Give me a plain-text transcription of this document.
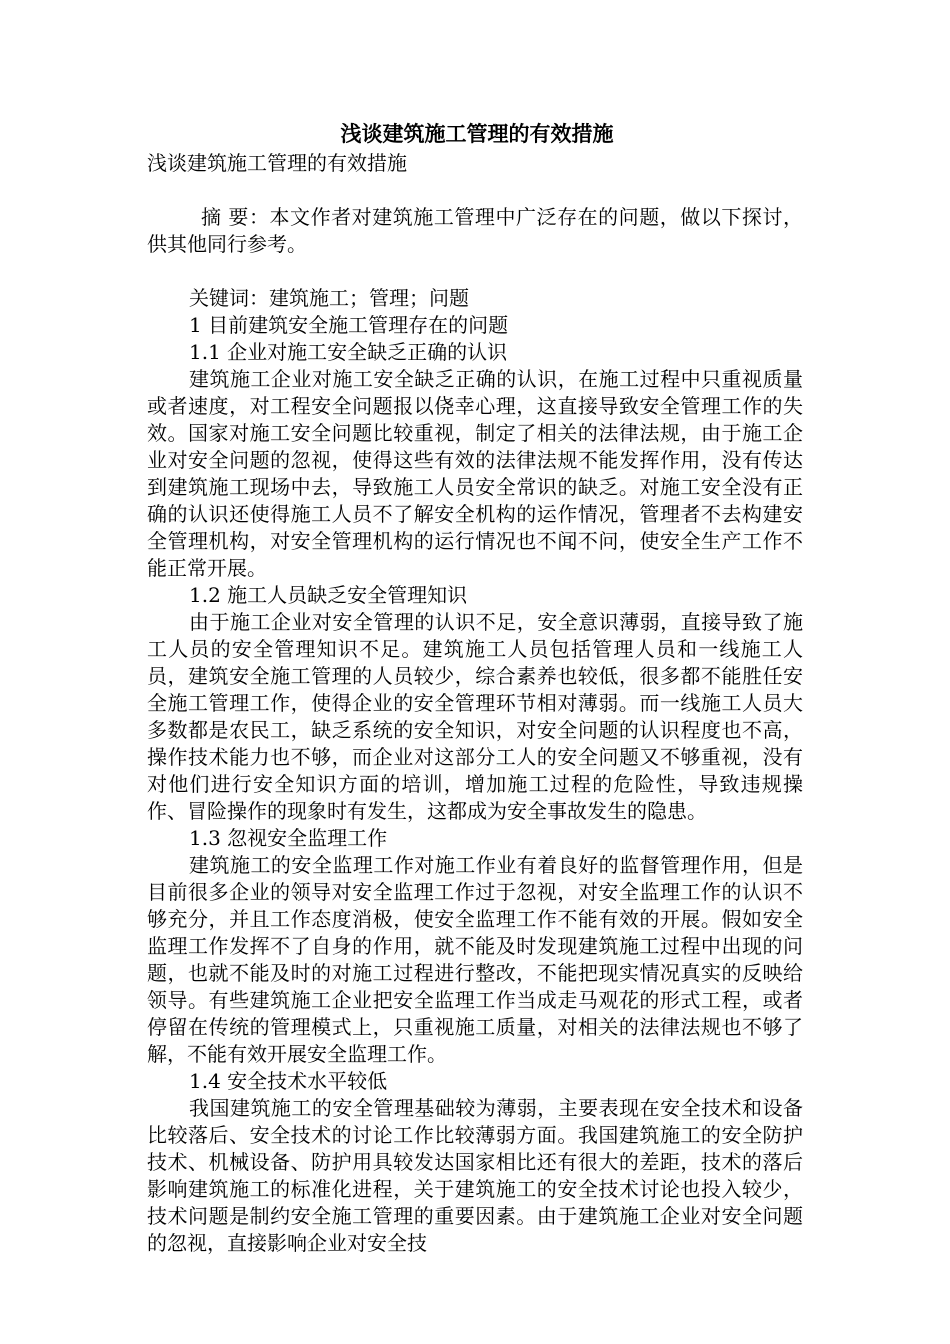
浅谈建筑施工管理的有效措施

浅谈建筑施工管理的有效措施

摘 要：本文作者对建筑施工管理中广泛存在的问题，做以下探讨，供其他同行参考。

关键词：建筑施工；管理；问题

1 目前建筑安全施工管理存在的问题

1.1 企业对施工安全缺乏正确的认识

建筑施工企业对施工安全缺乏正确的认识，在施工过程中只重视质量或者速度，对工程安全问题报以侥幸心理，这直接导致安全管理工作的失效。国家对施工安全问题比较重视，制定了相关的法律法规，由于施工企业对安全问题的忽视，使得这些有效的法律法规不能发挥作用，没有传达到建筑施工现场中去，导致施工人员安全常识的缺乏。对施工安全没有正确的认识还使得施工人员不了解安全机构的运作情况，管理者不去构建安全管理机构，对安全管理机构的运行情况也不闻不问，使安全生产工作不能正常开展。

1.2 施工人员缺乏安全管理知识

由于施工企业对安全管理的认识不足，安全意识薄弱，直接导致了施工人员的安全管理知识不足。建筑施工人员包括管理人员和一线施工人员，建筑安全施工管理的人员较少，综合素养也较低，很多都不能胜任安全施工管理工作，使得企业的安全管理环节相对薄弱。而一线施工人员大多数都是农民工，缺乏系统的安全知识，对安全问题的认识程度也不高，操作技术能力也不够，而企业对这部分工人的安全问题又不够重视，没有对他们进行安全知识方面的培训，增加施工过程的危险性，导致违规操作、冒险操作的现象时有发生，这都成为安全事故发生的隐患。

1.3 忽视安全监理工作

建筑施工的安全监理工作对施工作业有着良好的监督管理作用，但是目前很多企业的领导对安全监理工作过于忽视，对安全监理工作的认识不够充分，并且工作态度消极，使安全监理工作不能有效的开展。假如安全监理工作发挥不了自身的作用，就不能及时发现建筑施工过程中出现的问题，也就不能及时的对施工过程进行整改，不能把现实情况真实的反映给领导。有些建筑施工企业把安全监理工作当成走马观花的形式工程，或者停留在传统的管理模式上，只重视施工质量，对相关的法律法规也不够了解，不能有效开展安全监理工作。

1.4 安全技术水平较低

我国建筑施工的安全管理基础较为薄弱，主要表现在安全技术和设备比较落后、安全技术的讨论工作比较薄弱方面。我国建筑施工的安全防护技术、机械设备、防护用具较发达国家相比还有很大的差距，技术的落后影响建筑施工的标准化进程，关于建筑施工的安全技术讨论也投入较少，技术问题是制约安全施工管理的重要因素。由于建筑施工企业对安全问题的忽视，直接影响企业对安全技
